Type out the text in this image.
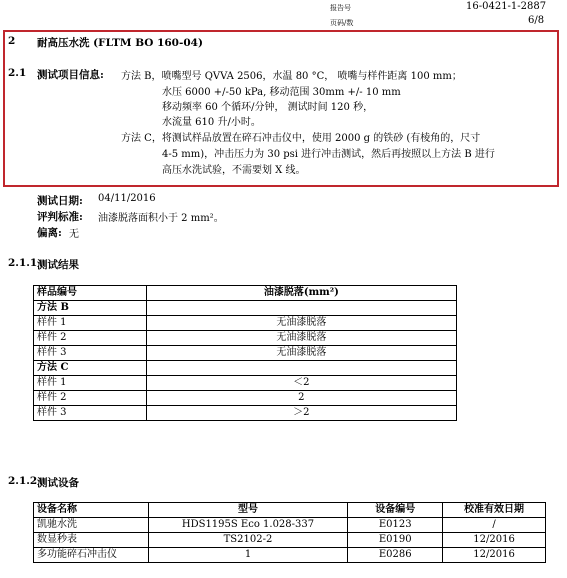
报告号	16-0421-1-2887
页码/数	6/8
2 耐高压水洗 (FLTM BO 160-04)
2.1 测试项目信息: 方法 B，喷嘴型号 QVVA 2506，水温 80 °C， 喷嘴与样件距离 100 mm；
水压 6000 +/-50 kPa, 移动范围 30mm +/- 10 mm
移动频率 60 个循环/分钟， 测试时间 120 秒，
水流量 610 升/小时。
方法 C，将测试样品放置在碎石冲击仪中，使用 2000 g 的铁砂 (有棱角的，尺寸
4-5 mm)，冲击压力为 30 psi 进行冲击测试，然后再按照以上方法 B 进行
高压水洗试验，不需要划 X 线。
测试日期: 04/11/2016
评判标准: 油漆脱落面积小于 2 mm²。
偏离: 无
2.1.1 测试结果
样品编号	油漆脱落(mm²)
方法 B	
样件 1	无油漆脱落
样件 2	无油漆脱落
样件 3	无油漆脱落
方法 C	
样件 1	＜2
样件 2	2
样件 3	＞2
2.1.2 测试设备
设备名称	型号	设备编号	校准有效日期
凯驰水洗	HDS1195S Eco 1.028-337	E0123	/
数显秒表	TS2102-2	E0190	12/2016
多功能碎石冲击仪	1	E0286	12/2016
